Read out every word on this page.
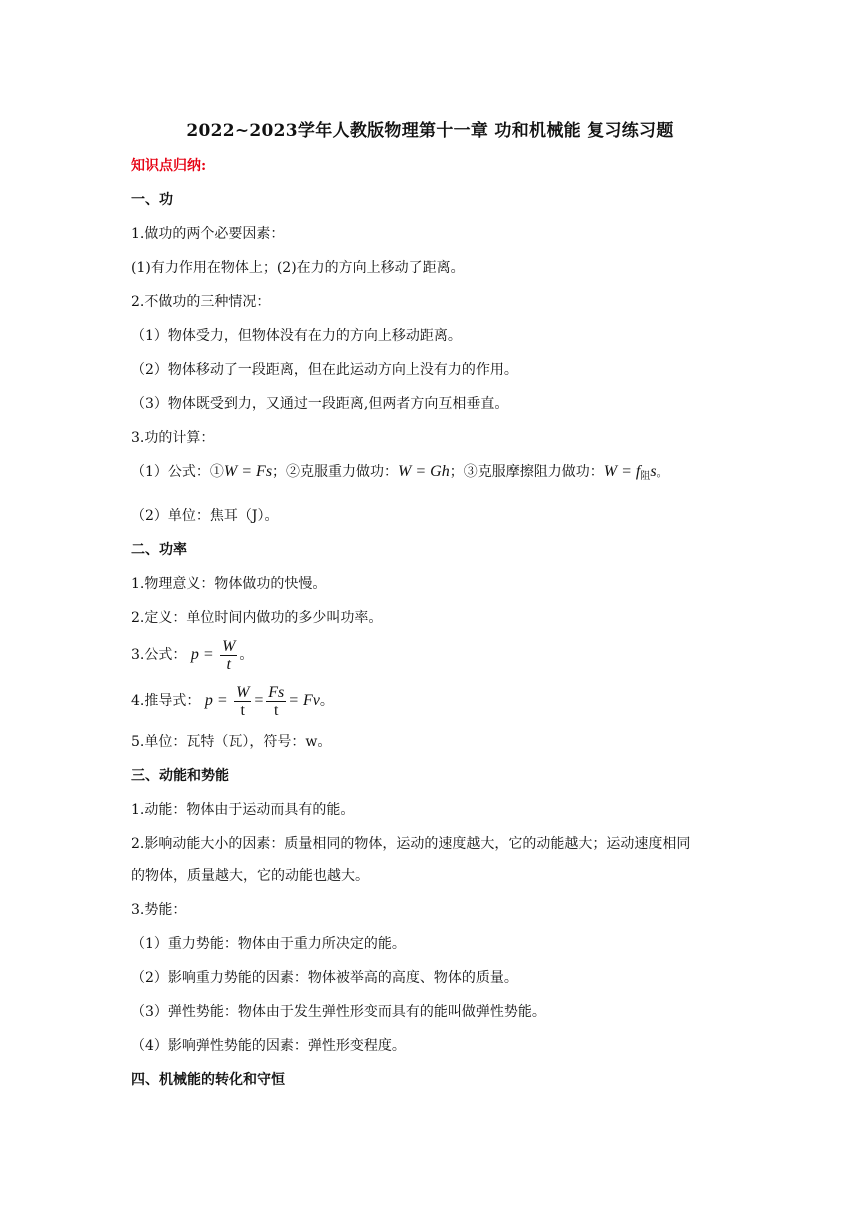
2022~2023学年人教版物理第十一章 功和机械能 复习练习题
知识点归纳:
一、功
1.做功的两个必要因素：
(1)有力作用在物体上；(2)在力的方向上移动了距离。
2.不做功的三种情况：
（1）物体受力，但物体没有在力的方向上移动距离。
（2）物体移动了一段距离，但在此运动方向上没有力的作用。
（3）物体既受到力，又通过一段距离,但两者方向互相垂直。
3.功的计算：
（1）公式：①W = Fs；②克服重力做功：W = Gh；③克服摩擦阻力做功：W = f阻s。
（2）单位：焦耳（J）。
二、功率
1.物理意义：物体做功的快慢。
2.定义：单位时间内做功的多少叫功率。
3.公式： $p = \frac{W}{t}$ 。
4.推导式： $p = \frac{W}{t} = \frac{Fs}{t} = Fv$。
5.单位：瓦特（瓦），符号：w。
三、动能和势能
1.动能：物体由于运动而具有的能。
2.影响动能大小的因素：质量相同的物体，运动的速度越大，它的动能越大；运动速度相同
的物体，质量越大，它的动能也越大。
3.势能：
（1）重力势能：物体由于重力所决定的能。
（2）影响重力势能的因素：物体被举高的高度、物体的质量。
（3）弹性势能：物体由于发生弹性形变而具有的能叫做弹性势能。
（4）影响弹性势能的因素：弹性形变程度。
四、机械能的转化和守恒
